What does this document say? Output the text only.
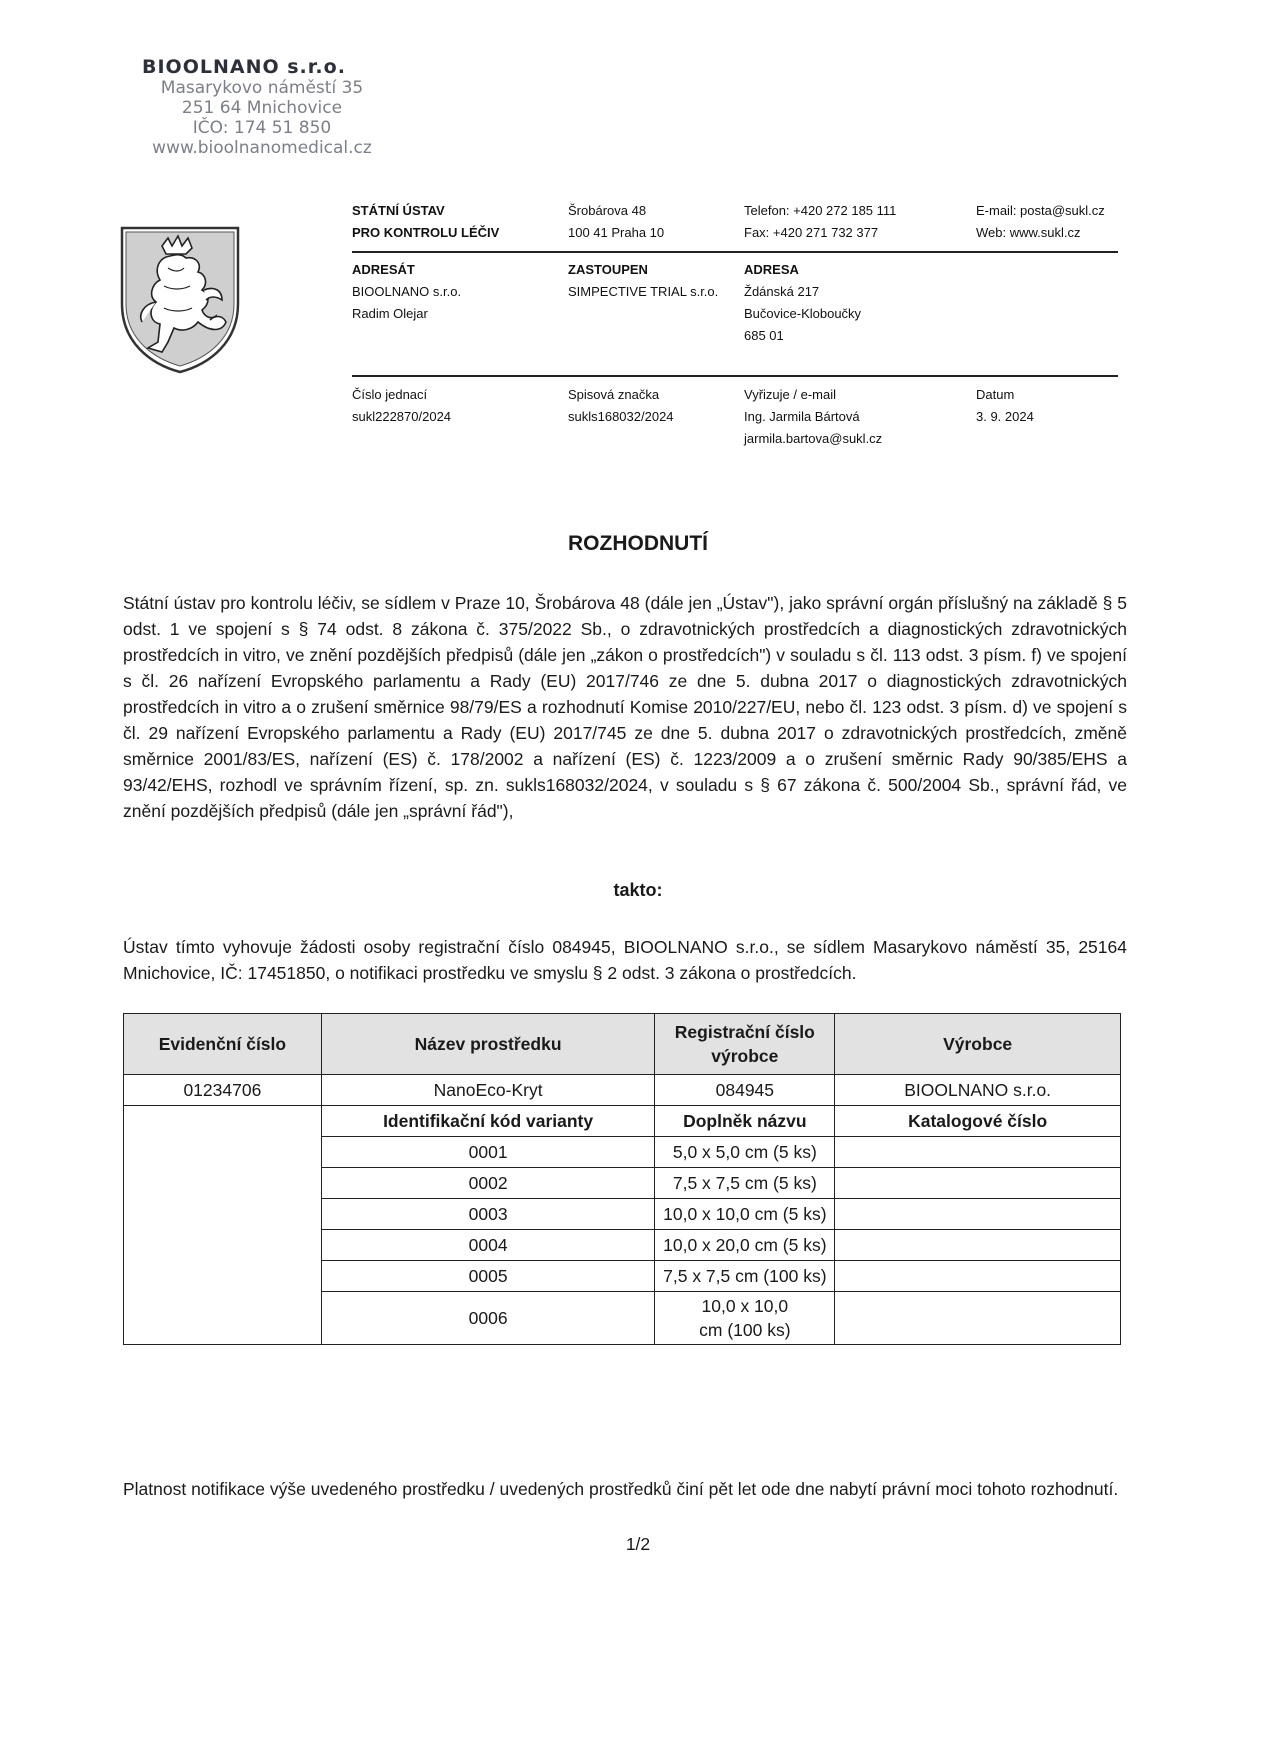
BIOOLNANO s.r.o.
Masarykovo náměstí 35
251 64 Mnichovice
IČO: 174 51 850
www.bioolnanomedical.cz
STÁTNÍ ÚSTAV
PRO KONTROLU LÉČIV
Šrobárova 48
100 41 Praha 10
Telefon: +420 272 185 111
Fax: +420 271 732 377
E-mail: posta@sukl.cz
Web: www.sukl.cz
ADRESÁT
BIOOLNANO s.r.o.
Radim Olejar
ZASTOUPEN
SIMPECTIVE TRIAL s.r.o.
ADRESA
Ždánská 217
Bučovice-Kloboučky
685 01
Číslo jednací
sukl222870/2024
Spisová značka
sukls168032/2024
Vyřizuje / e-mail
Ing. Jarmila Bártová
jarmila.bartova@sukl.cz
Datum
3. 9. 2024
ROZHODNUTÍ
Státní ústav pro kontrolu léčiv, se sídlem v Praze 10, Šrobárova 48 (dále jen „Ústav"), jako správní orgán příslušný na základě § 5 odst. 1 ve spojení s § 74 odst. 8 zákona č. 375/2022 Sb., o zdravotnických prostředcích a diagnostických zdravotnických prostředcích in vitro, ve znění pozdějších předpisů (dále jen „zákon o prostředcích") v souladu s čl. 113 odst. 3 písm. f) ve spojení s čl. 26 nařízení Evropského parlamentu a Rady (EU) 2017/746 ze dne 5. dubna 2017 o diagnostických zdravotnických prostředcích in vitro a o zrušení směrnice 98/79/ES a rozhodnutí Komise 2010/227/EU, nebo čl. 123 odst. 3 písm. d) ve spojení s čl. 29 nařízení Evropského parlamentu a Rady (EU) 2017/745 ze dne 5. dubna 2017 o zdravotnických prostředcích, změně směrnice 2001/83/ES, nařízení (ES) č. 178/2002 a nařízení (ES) č. 1223/2009 a o zrušení směrnic Rady 90/385/EHS a 93/42/EHS, rozhodl ve správním řízení, sp. zn. sukls168032/2024, v souladu s § 67 zákona č. 500/2004 Sb., správní řád, ve znění pozdějších předpisů (dále jen „správní řád"),
takto:
Ústav tímto vyhovuje žádosti osoby registrační číslo 084945, BIOOLNANO s.r.o., se sídlem Masarykovo náměstí 35, 25164 Mnichovice, IČ: 17451850, o notifikaci prostředku ve smyslu § 2 odst. 3 zákona o prostředcích.
Evidenční číslo	Název prostředku	Registrační číslo výrobce	Výrobce
01234706	NanoEco-Kryt	084945	BIOOLNANO s.r.o.
	Identifikační kód varianty	Doplněk názvu	Katalogové číslo
	0001	5,0 x 5,0 cm (5 ks)	
	0002	7,5 x 7,5 cm (5 ks)	
	0003	10,0 x 10,0 cm (5 ks)	
	0004	10,0 x 20,0 cm (5 ks)	
	0005	7,5 x 7,5 cm (100 ks)	
	0006	10,0 x 10,0 cm (100 ks)	
Platnost notifikace výše uvedeného prostředku / uvedených prostředků činí pět let ode dne nabytí právní moci tohoto rozhodnutí.
1/2
